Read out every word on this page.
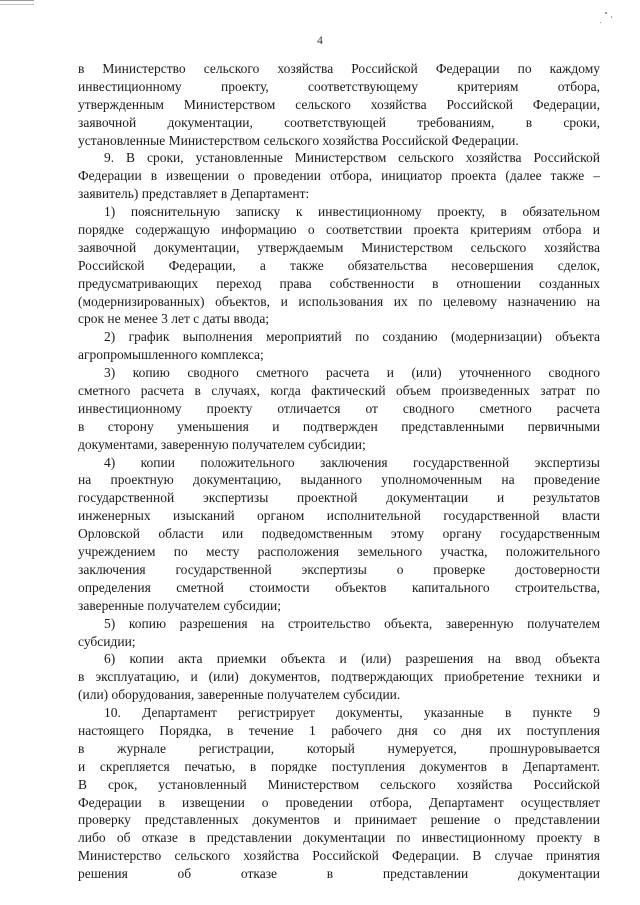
4
в Министерство сельского хозяйства Российской Федерации по каждому
инвестиционному проекту, соответствующему критериям отбора,
утвержденным Министерством сельского хозяйства Российской Федерации,
заявочной документации, соответствующей требованиям, в сроки,
установленные Министерством сельского хозяйства Российской Федерации.
9. В сроки, установленные Министерством сельского хозяйства Российской
Федерации в извещении о проведении отбора, инициатор проекта (далее также –
заявитель) представляет в Департамент:
1) пояснительную записку к инвестиционному проекту, в обязательном
порядке содержащую информацию о соответствии проекта критериям отбора и
заявочной документации, утверждаемым Министерством сельского хозяйства
Российской Федерации, а также обязательства несовершения сделок,
предусматривающих переход права собственности в отношении созданных
(модернизированных) объектов, и использования их по целевому назначению на
срок не менее 3 лет с даты ввода;
2) график выполнения мероприятий по созданию (модернизации) объекта
агропромышленного комплекса;
3) копию сводного сметного расчета и (или) уточненного сводного
сметного расчета в случаях, когда фактический объем произведенных затрат по
инвестиционному проекту отличается от сводного сметного расчета
в сторону уменьшения и подтвержден представленными первичными
документами, заверенную получателем субсидии;
4) копии положительного заключения государственной экспертизы
на проектную документацию, выданного уполномоченным на проведение
государственной экспертизы проектной документации и результатов
инженерных изысканий органом исполнительной государственной власти
Орловской области или подведомственным этому органу государственным
учреждением по месту расположения земельного участка, положительного
заключения государственной экспертизы о проверке достоверности
определения сметной стоимости объектов капитального строительства,
заверенные получателем субсидии;
5) копию разрешения на строительство объекта, заверенную получателем
субсидии;
6) копии акта приемки объекта и (или) разрешения на ввод объекта
в эксплуатацию, и (или) документов, подтверждающих приобретение техники и
(или) оборудования, заверенные получателем субсидии.
10. Департамент регистрирует документы, указанные в пункте 9
настоящего Порядка, в течение 1 рабочего дня со дня их поступления
в журнале регистрации, который нумеруется, прошнуровывается
и скрепляется печатью, в порядке поступления документов в Департамент.
В срок, установленный Министерством сельского хозяйства Российской
Федерации в извещении о проведении отбора, Департамент осуществляет
проверку представленных документов и принимает решение о представлении
либо об отказе в представлении документации по инвестиционному проекту в
Министерство сельского хозяйства Российской Федерации. В случае принятия
решения об отказе в представлении документации
